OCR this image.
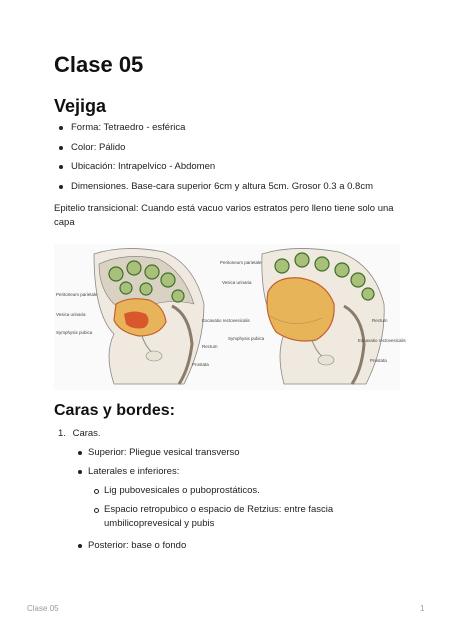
Clase 05
Vejiga
Forma: Tetraedro - esférica
Color: Pálido
Ubicación: Intrapelvico - Abdomen
Dimensiones. Base-cara superior 6cm y altura 5cm. Grosor 0.3 a 0.8cm

Epitelio transicional: Cuando está vacuo varios estratos pero lleno tiene solo una capa

Peritoneum parietale
Vesica urinaria
Symphysis pubica
Excavatio rectovesicalis
Rectum
Prostata
Peritoneum parietale
Vesica urinaria
Rectum
Symphysis pubica	Excavatio rectovesicalis
Prostata
Caras y bordes:
1. Caras.
Superior: Pliegue vesical transverso
Laterales e inferiores:
Lig pubovesicales o puboprostáticos.
Espacio retropubico o espacio de Retzius: entre fascia umbilicoprevesical y pubis
Posterior: base o fondo
Clase 05	1
